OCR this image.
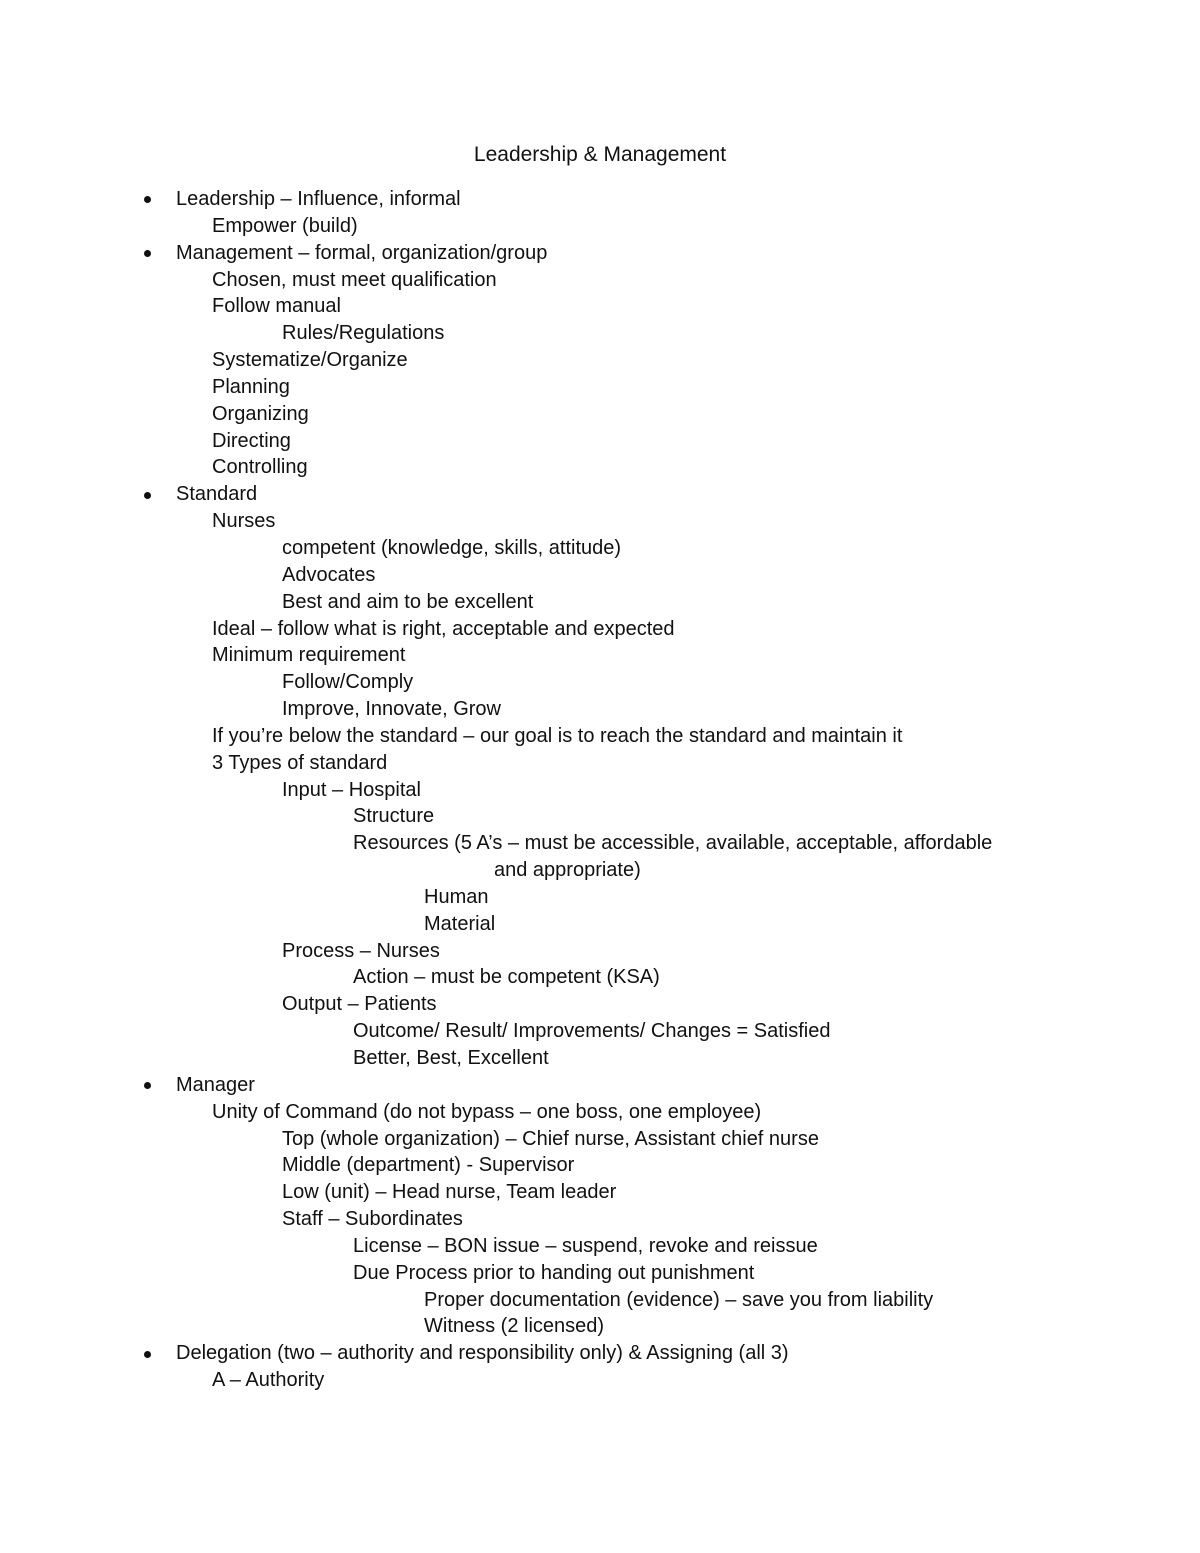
Leadership & Management
Leadership – Influence, informal
Empower (build)
Management – formal, organization/group
Chosen, must meet qualification
Follow manual
Rules/Regulations
Systematize/Organize
Planning
Organizing
Directing
Controlling
Standard
Nurses
competent (knowledge, skills, attitude)
Advocates
Best and aim to be excellent
Ideal – follow what is right, acceptable and expected
Minimum requirement
Follow/Comply
Improve, Innovate, Grow
If you’re below the standard – our goal is to reach the standard and maintain it
3 Types of standard
Input – Hospital
Structure
Resources (5 A’s – must be accessible, available, acceptable, affordable
and appropriate)
Human
Material
Process – Nurses
Action – must be competent (KSA)
Output – Patients
Outcome/ Result/ Improvements/ Changes = Satisfied
Better, Best, Excellent
Manager
Unity of Command (do not bypass – one boss, one employee)
Top (whole organization) – Chief nurse, Assistant chief nurse
Middle (department) - Supervisor
Low (unit) – Head nurse, Team leader
Staff – Subordinates
License – BON issue – suspend, revoke and reissue
Due Process prior to handing out punishment
Proper documentation (evidence) – save you from liability
Witness (2 licensed)
Delegation (two – authority and responsibility only) & Assigning (all 3)
A – Authority
